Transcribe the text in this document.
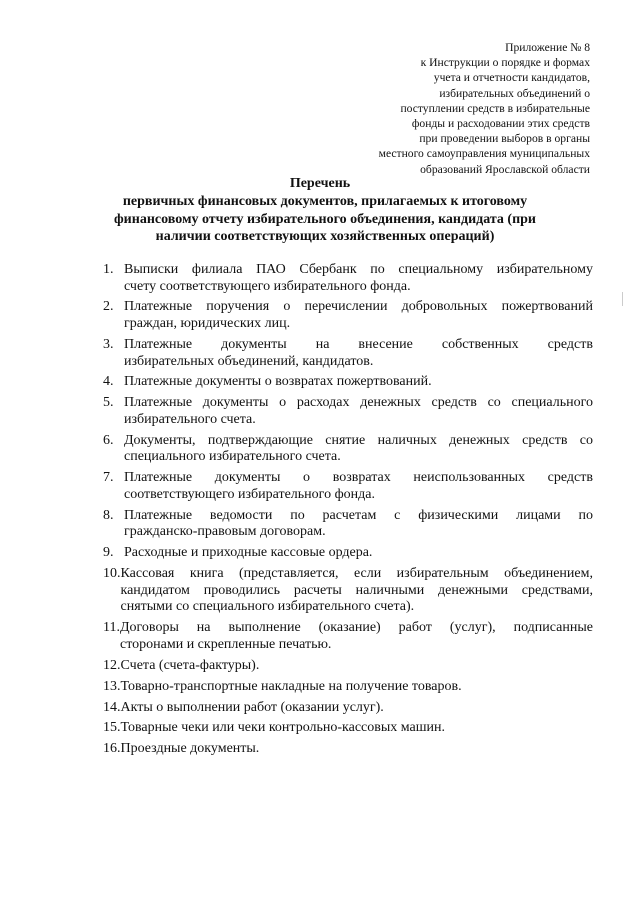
Приложение № 8
к Инструкции о порядке и формах
учета и отчетности кандидатов,
избирательных объединений о
поступлении средств в избирательные
фонды и расходовании этих средств
при проведении выборов в органы
местного самоуправления муниципальных
образований Ярославской области
Перечень
первичных финансовых документов, прилагаемых к итоговому
финансовому отчету избирательного объединения, кандидата (при
наличии соответствующих хозяйственных операций)
1. Выписки филиала ПАО Сбербанк по специальному избирательному
счету соответствующего избирательного фонда.
2. Платежные поручения о перечислении добровольных пожертвований
граждан, юридических лиц.
3. Платежные документы на внесение собственных средств
избирательных объединений, кандидатов.
4. Платежные документы о возвратах пожертвований.
5. Платежные документы о расходах денежных средств со специального
избирательного счета.
6. Документы, подтверждающие снятие наличных денежных средств со
специального избирательного счета.
7. Платежные документы о возвратах неиспользованных средств
соответствующего избирательного фонда.
8. Платежные ведомости по расчетам с физическими лицами по
гражданско-правовым договорам.
9. Расходные и приходные кассовые ордера.
10. Кассовая книга (представляется, если избирательным объединением,
кандидатом проводились расчеты наличными денежными средствами,
снятыми со специального избирательного счета).
11. Договоры на выполнение (оказание) работ (услуг), подписанные
сторонами и скрепленные печатью.
12. Счета (счета-фактуры).
13. Товарно-транспортные накладные на получение товаров.
14. Акты о выполнении работ (оказании услуг).
15. Товарные чеки или чеки контрольно-кассовых машин.
16. Проездные документы.
